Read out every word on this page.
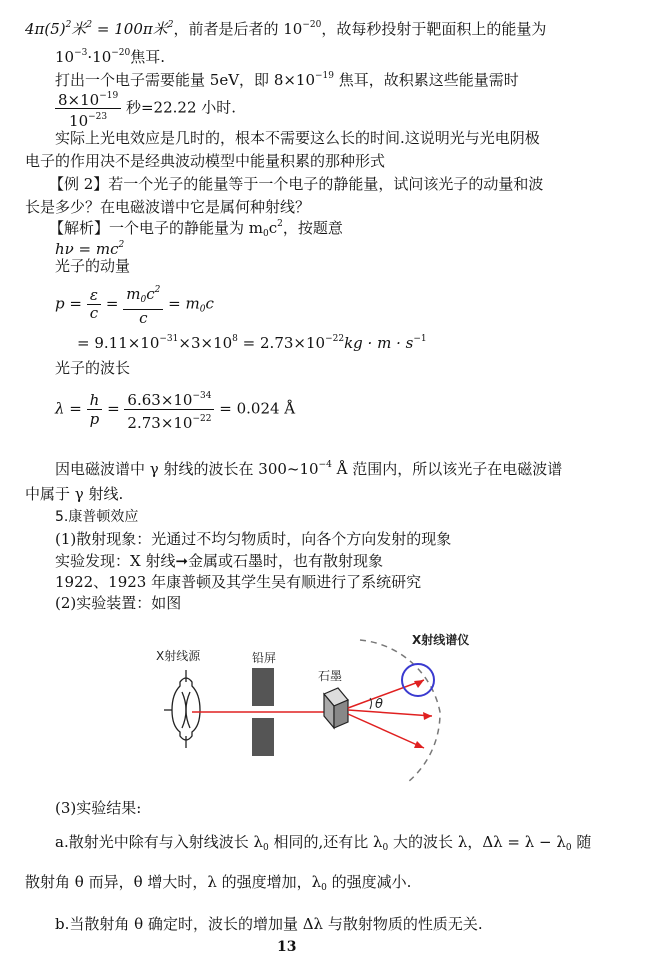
$4\pi(5)^2$米$^2$ = 100π米$^2$，前者是后者的 $10^{-20}$，故每秒投射于靶面积上的能量为
$10^{-3}\cdot 10^{-20}$焦耳.
打出一个电子需要能量 5eV，即 $8\times 10^{-19}$ 焦耳，故积累这些能量需时
$\frac{8\times 10^{-19}}{10^{-23}}$ 秒=22.22 小时.
实际上光电效应是几时的，根本不需要这么长的时间.这说明光与光电阴极
电子的作用决不是经典波动模型中能量积累的那种形式
【例 2】若一个光子的能量等于一个电子的静能量，试问该光子的动量和波
长是多少？在电磁波谱中它是属何种射线？
【解析】一个电子的静能量为 $m_0c^2$，按题意
$h\nu = mc^2$
光子的动量
$p = \frac{\varepsilon}{c} = \frac{m_0c^2}{c} = m_0c$
= $9.11\times 10^{-31}\times 3\times 10^8 = 2.73\times 10^{-22}kg \cdot m \cdot s^{-1}$
光子的波长
$\lambda = \frac{h}{p} = \frac{6.63\times 10^{-34}}{2.73\times 10^{-22}} = 0.024$ Å
因电磁波谱中 γ 射线的波长在 $300\sim 10^{-4}$ Å 范围内，所以该光子在电磁波谱
中属于 γ 射线.
5.康普顿效应
(1)散射现象：光通过不均匀物质时，向各个方向发射的现象
实验发现：X 射线➞金属或石墨时，也有散射现象
1922、1923 年康普顿及其学生吴有顺进行了系统研究
(2)实验装置：如图
X射线源	铅屏
石墨
X射线谱仪
θ
(3)实验结果:
a.散射光中除有与入射线波长 $\lambda_0$ 相同的,还有比 $\lambda_0$ 大的波长 λ，$\Delta\lambda = \lambda - \lambda_0$ 随
散射角 θ 而异，θ 增大时，λ 的强度增加，$\lambda_0$ 的强度减小.
b.当散射角 θ 确定时，波长的增加量 Δλ 与散射物质的性质无关.
13
